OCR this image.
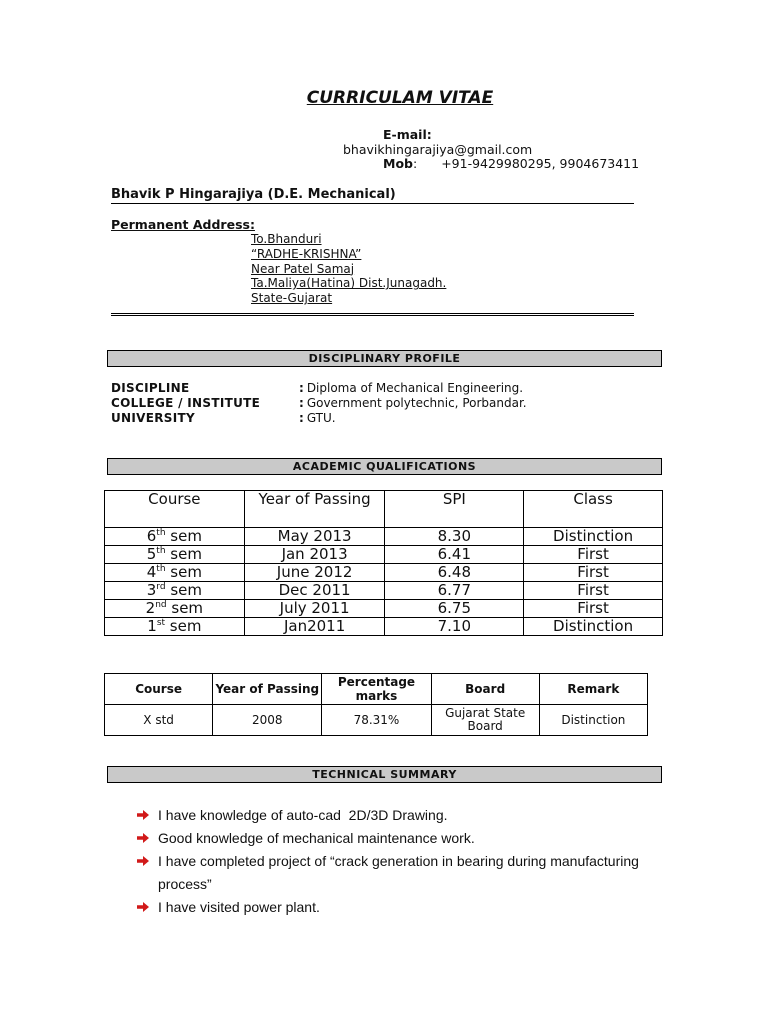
CURRICULAM VITAE
E-mail:
bhavikhingarajiya@gmail.com
Mob: +91-9429980295, 9904673411
Bhavik P Hingarajiya (D.E. Mechanical)
Permanent Address:
To.Bhanduri
“RADHE-KRISHNA”
Near Patel Samaj
Ta.Maliya(Hatina) Dist.Junagadh.
State-Gujarat
DISCIPLINARY PROFILE
DISCIPLINE	: Diploma of Mechanical Engineering.
COLLEGE / INSTITUTE	: Government polytechnic, Porbandar.
UNIVERSITY	: GTU.
ACADEMIC QUALIFICATIONS
Course	Year of Passing	SPI	Class
6th sem	May 2013	8.30	Distinction
5th sem	Jan 2013	6.41	First
4th sem	June 2012	6.48	First
3rd sem	Dec 2011	6.77	First
2nd sem	July 2011	6.75	First
1st sem	Jan2011	7.10	Distinction
Course	Year of Passing	Percentage marks	Board	Remark
X std	2008	78.31%	Gujarat State Board	Distinction
TECHNICAL SUMMARY
I have knowledge of auto-cad  2D/3D Drawing.
Good knowledge of mechanical maintenance work.
I have completed project of “crack generation in bearing during manufacturing process”
I have visited power plant.
